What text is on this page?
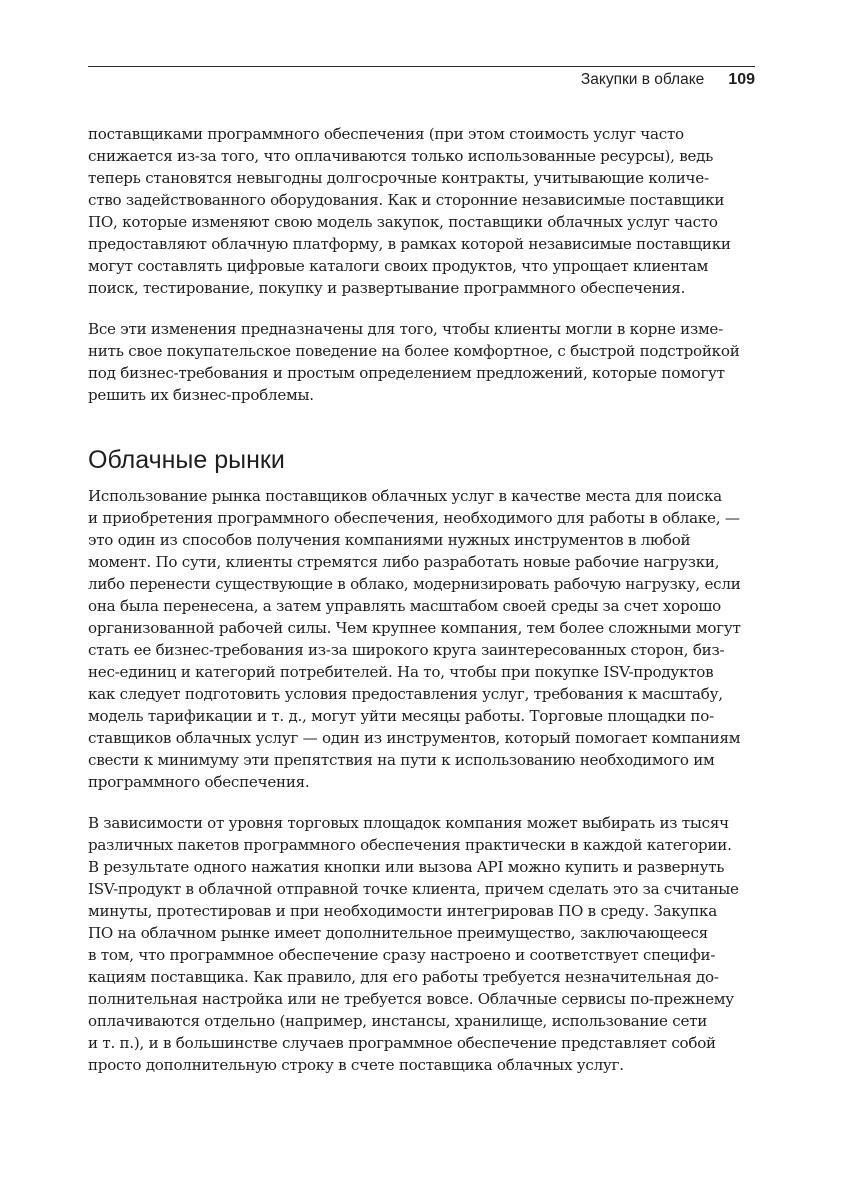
Закупки в облаке 109
поставщиками программного обеспечения (при этом стоимость услуг часто
снижается из-за того, что оплачиваются только использованные ресурсы), ведь
теперь становятся невыгодны долгосрочные контракты, учитывающие количе-
ство задействованного оборудования. Как и сторонние независимые поставщики
ПО, которые изменяют свою модель закупок, поставщики облачных услуг часто
предоставляют облачную платформу, в рамках которой независимые поставщики
могут составлять цифровые каталоги своих продуктов, что упрощает клиентам
поиск, тестирование, покупку и развертывание программного обеспечения.
Все эти изменения предназначены для того, чтобы клиенты могли в корне изме-
нить свое покупательское поведение на более комфортное, с быстрой подстройкой
под бизнес-требования и простым определением предложений, которые помогут
решить их бизнес-проблемы.
Облачные рынки
Использование рынка поставщиков облачных услуг в качестве места для поиска
и приобретения программного обеспечения, необходимого для работы в облаке, —
это один из способов получения компаниями нужных инструментов в любой
момент. По сути, клиенты стремятся либо разработать новые рабочие нагрузки,
либо перенести существующие в облако, модернизировать рабочую нагрузку, если
она была перенесена, а затем управлять масштабом своей среды за счет хорошо
организованной рабочей силы. Чем крупнее компания, тем более сложными могут
стать ее бизнес-требования из-за широкого круга заинтересованных сторон, биз-
нес-единиц и категорий потребителей. На то, чтобы при покупке ISV-продуктов
как следует подготовить условия предоставления услуг, требования к масштабу,
модель тарификации и т. д., могут уйти месяцы работы. Торговые площадки по-
ставщиков облачных услуг — один из инструментов, который помогает компаниям
свести к минимуму эти препятствия на пути к использованию необходимого им
программного обеспечения.
В зависимости от уровня торговых площадок компания может выбирать из тысяч
различных пакетов программного обеспечения практически в каждой категории.
В результате одного нажатия кнопки или вызова API можно купить и развернуть
ISV-продукт в облачной отправной точке клиента, причем сделать это за считаные
минуты, протестировав и при необходимости интегрировав ПО в среду. Закупка
ПО на облачном рынке имеет дополнительное преимущество, заключающееся
в том, что программное обеспечение сразу настроено и соответствует специфи-
кациям поставщика. Как правило, для его работы требуется незначительная до-
полнительная настройка или не требуется вовсе. Облачные сервисы по-прежнему
оплачиваются отдельно (например, инстансы, хранилище, использование сети
и т. п.), и в большинстве случаев программное обеспечение представляет собой
просто дополнительную строку в счете поставщика облачных услуг.
